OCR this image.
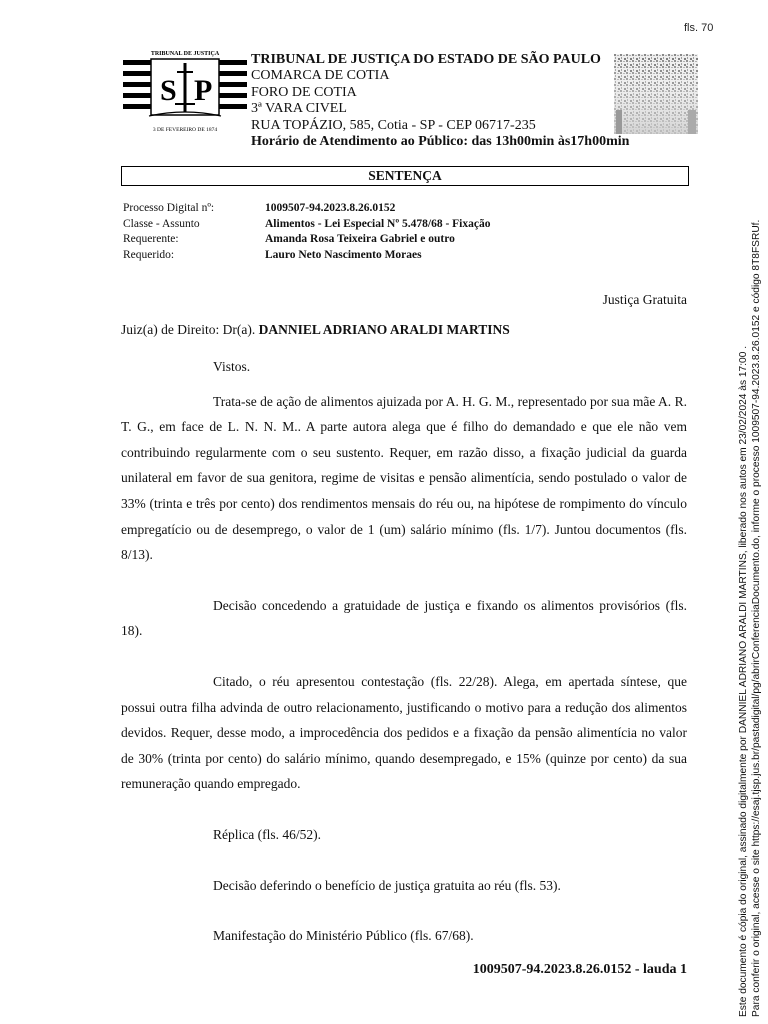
fls. 70
TRIBUNAL DE JUSTIÇA
S P
3 DE FEVEREIRO DE 1874
TRIBUNAL DE JUSTIÇA DO ESTADO DE SÃO PAULO
COMARCA DE COTIA
FORO DE COTIA
3ª VARA CIVEL
RUA TOPÁZIO, 585, Cotia - SP - CEP 06717-235
Horário de Atendimento ao Público: das 13h00min às17h00min
SENTENÇA
Processo Digital nº:	1009507-94.2023.8.26.0152
Classe - Assunto	Alimentos - Lei Especial Nº 5.478/68 - Fixação
Requerente:	Amanda Rosa Teixeira Gabriel e outro
Requerido:	Lauro Neto Nascimento Moraes
Justiça Gratuita
Juiz(a) de Direito: Dr(a). DANNIEL ADRIANO ARALDI MARTINS

Vistos.

Trata-se de ação de alimentos ajuizada por A. H. G. M., representado por sua mãe A. R. T. G., em face de L. N. N. M.. A parte autora alega que é filho do demandado e que ele não vem contribuindo regularmente com o seu sustento. Requer, em razão disso, a fixação judicial da guarda unilateral em favor de sua genitora, regime de visitas e pensão alimentícia, sendo postulado o valor de 33% (trinta e três por cento) dos rendimentos mensais do réu ou, na hipótese de rompimento do vínculo empregatício ou de desemprego, o valor de 1 (um) salário mínimo (fls. 1/7). Juntou documentos (fls. 8/13).

Decisão concedendo a gratuidade de justiça e fixando os alimentos provisórios (fls. 18).

Citado, o réu apresentou contestação (fls. 22/28). Alega, em apertada síntese, que possui outra filha advinda de outro relacionamento, justificando o motivo para a redução dos alimentos devidos. Requer, desse modo, a improcedência dos pedidos e a fixação da pensão alimentícia no valor de 30% (trinta por cento) do salário mínimo, quando desempregado, e 15% (quinze por cento) da sua remuneração quando empregado.

Réplica (fls. 46/52).

Decisão deferindo o benefício de justiça gratuita ao réu (fls. 53).

Manifestação do Ministério Público (fls. 67/68).

1009507-94.2023.8.26.0152 - lauda 1	Este documento é cópia do original, assinado digitalmente por DANNIEL ADRIANO ARALDI MARTINS, liberado nos autos em 23/02/2024 às 17:00 . Para conferir o original, acesse o site https://esaj.tjsp.jus.br/pastadigital/pg/abrirConferenciaDocumento.do, informe o processo 1009507-94.2023.8.26.0152 e código 8T8FSRUf.
